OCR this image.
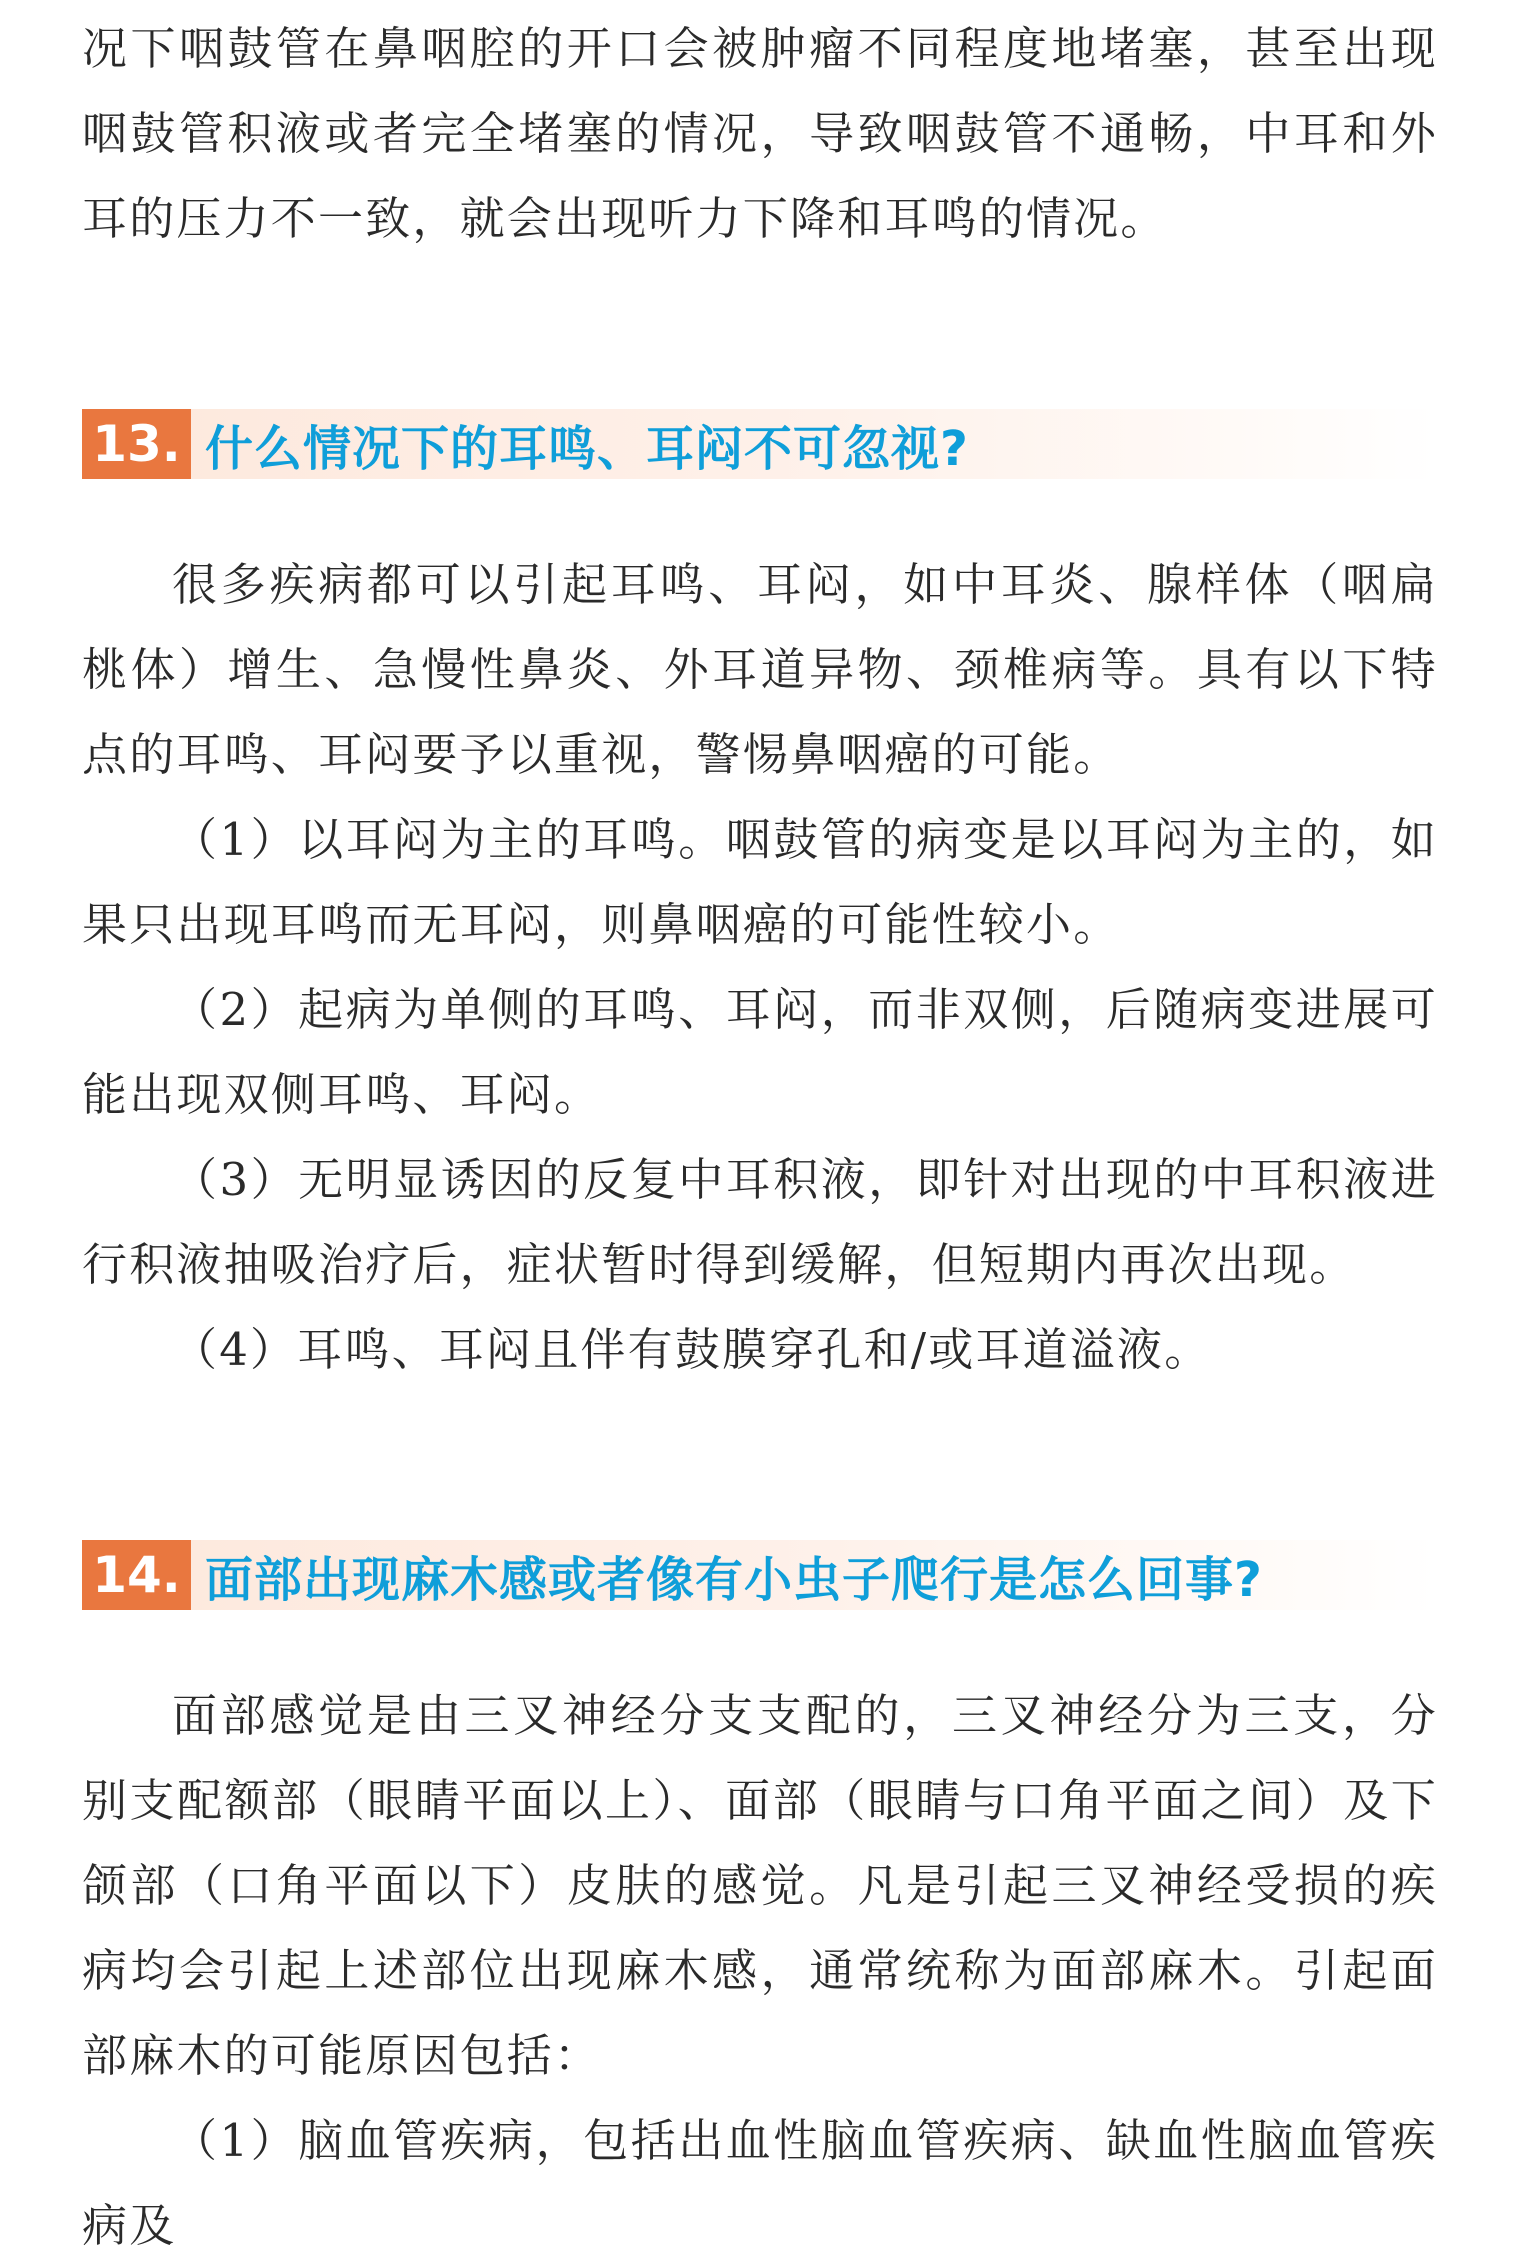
况下咽鼓管在鼻咽腔的开口会被肿瘤不同程度地堵塞，甚至出现咽鼓管积液或者完全堵塞的情况，导致咽鼓管不通畅，中耳和外耳的压力不一致，就会出现听力下降和耳鸣的情况。

13. 什么情况下的耳鸣、耳闷不可忽视?

很多疾病都可以引起耳鸣、耳闷，如中耳炎、腺样体（咽扁桃体）增生、急慢性鼻炎、外耳道异物、颈椎病等。具有以下特点的耳鸣、耳闷要予以重视，警惕鼻咽癌的可能。

（1）以耳闷为主的耳鸣。咽鼓管的病变是以耳闷为主的，如果只出现耳鸣而无耳闷，则鼻咽癌的可能性较小。

（2）起病为单侧的耳鸣、耳闷，而非双侧，后随病变进展可能出现双侧耳鸣、耳闷。

（3）无明显诱因的反复中耳积液，即针对出现的中耳积液进行积液抽吸治疗后，症状暂时得到缓解，但短期内再次出现。

（4）耳鸣、耳闷且伴有鼓膜穿孔和/或耳道溢液。

14. 面部出现麻木感或者像有小虫子爬行是怎么回事?

面部感觉是由三叉神经分支支配的，三叉神经分为三支，分别支配额部（眼睛平面以上）、面部（眼睛与口角平面之间）及下颌部（口角平面以下）皮肤的感觉。凡是引起三叉神经受损的疾病均会引起上述部位出现麻木感，通常统称为面部麻木。引起面部麻木的可能原因包括：

（1）脑血管疾病，包括出血性脑血管疾病、缺血性脑血管疾病及
